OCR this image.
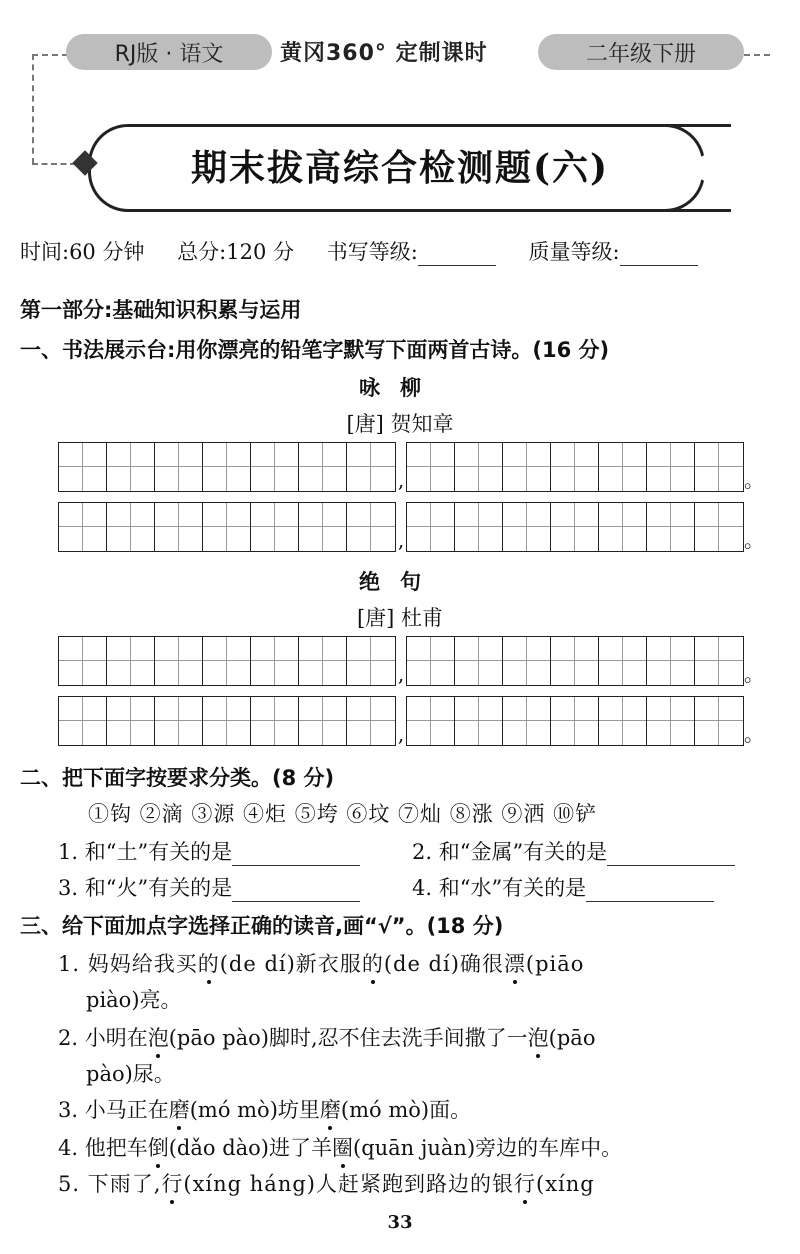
RJ版 · 语文	黄冈360° 定制课时	二年级下册
期末拔高综合检测题(六)
时间:60 分钟 总分:120 分 书写等级:	质量等级:
第一部分:基础知识积累与运用
一、书法展示台:用你漂亮的铅笔字默写下面两首古诗。(16 分)
咏柳
[唐] 贺知章
,	。
,	。
绝句
[唐] 杜甫
,	。
,	。
二、把下面字按要求分类。(8 分)
①钩 ②滴 ③源 ④炬 ⑤垮 ⑥坟 ⑦灿 ⑧涨 ⑨洒 ⑩铲
1. 和“土”有关的是	2. 和“金属”有关的是
3. 和“火”有关的是	4. 和“水”有关的是
三、给下面加点字选择正确的读音,画“√”。(18 分)
1. 妈妈给我买的(de dí)新衣服的(de dí)确很漂(piāo
piào)亮。
2. 小明在泡(pāo pào)脚时,忍不住去洗手间撒了一泡(pāo
pào)尿。
3. 小马正在磨(mó mò)坊里磨(mó mò)面。
4. 他把车倒(dǎo dào)进了羊圈(quān juàn)旁边的车库中。
5. 下雨了,行(xíng háng)人赶紧跑到路边的银行(xíng
33
